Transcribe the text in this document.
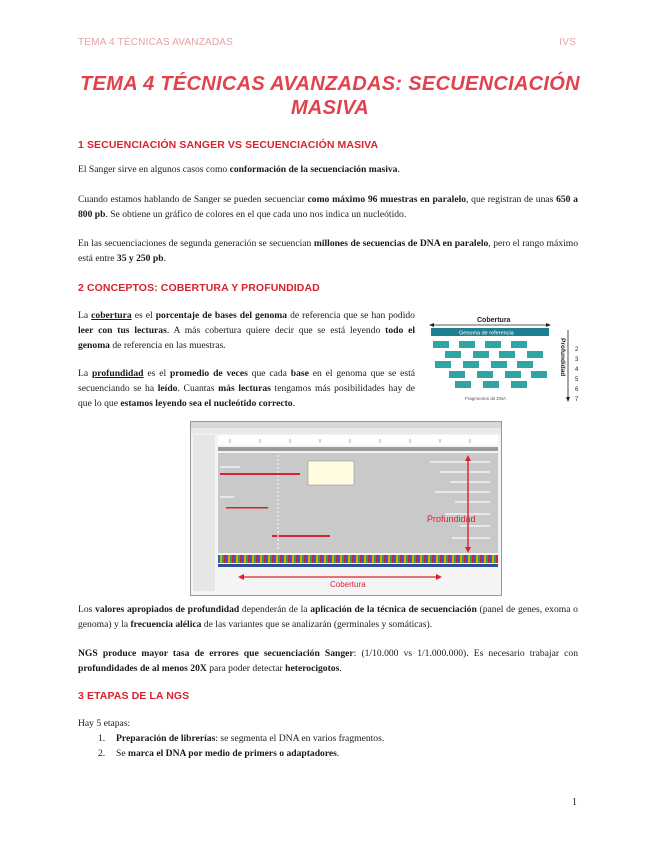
TEMA 4 TÉCNICAS AVANZADAS	IVS
TEMA 4 TÉCNICAS AVANZADAS: SECUENCIACIÓN
MASIVA
1 SECUENCIACIÓN SANGER VS SECUENCIACIÓN MASIVA
El Sanger sirve en algunos casos como conformación de la secuenciación masiva.
Cuando estamos hablando de Sanger se pueden secuenciar como máximo 96 muestras en paralelo, que registran de unas 650 a 800 pb. Se obtiene un gráfico de colores en el que cada uno nos indica un nucleótido.
En las secuenciaciones de segunda generación se secuencian millones de secuencias de DNA en paralelo, pero el rango máximo está entre 35 y 250 pb.
2 CONCEPTOS: COBERTURA Y PROFUNDIDAD
La cobertura es el porcentaje de bases del genoma de referencia que se han podido leer con tus lecturas. A más cobertura quiere decir que se está leyendo todo el genoma de referencia en las muestras.
La profundidad es el promedio de veces que cada base en el genoma que se está secuenciando se ha leído. Cuantas más lecturas tengamos más posibilidades hay de que lo que estamos leyendo sea el nucleótido correcto.
Cobertura
Genoma de referencia
Fragmentos de DNA
Profundidad 2
3
4
5
6
7
Profundidad
Cobertura
Los valores apropiados de profundidad dependerán de la aplicación de la técnica de secuenciación (panel de genes, exoma o genoma) y la frecuencia alélica de las variantes que se analizarán (germinales y somáticas).
NGS produce mayor tasa de errores que secuenciación Sanger: (1/10.000 vs 1/1.000.000). Es necesario trabajar con profundidades de al menos 20X para poder detectar heterocigotos.
3 ETAPAS DE LA NGS
Hay 5 etapas:
1. Preparación de librerías: se segmenta el DNA en varios fragmentos.
2. Se marca el DNA por medio de primers o adaptadores.
1
